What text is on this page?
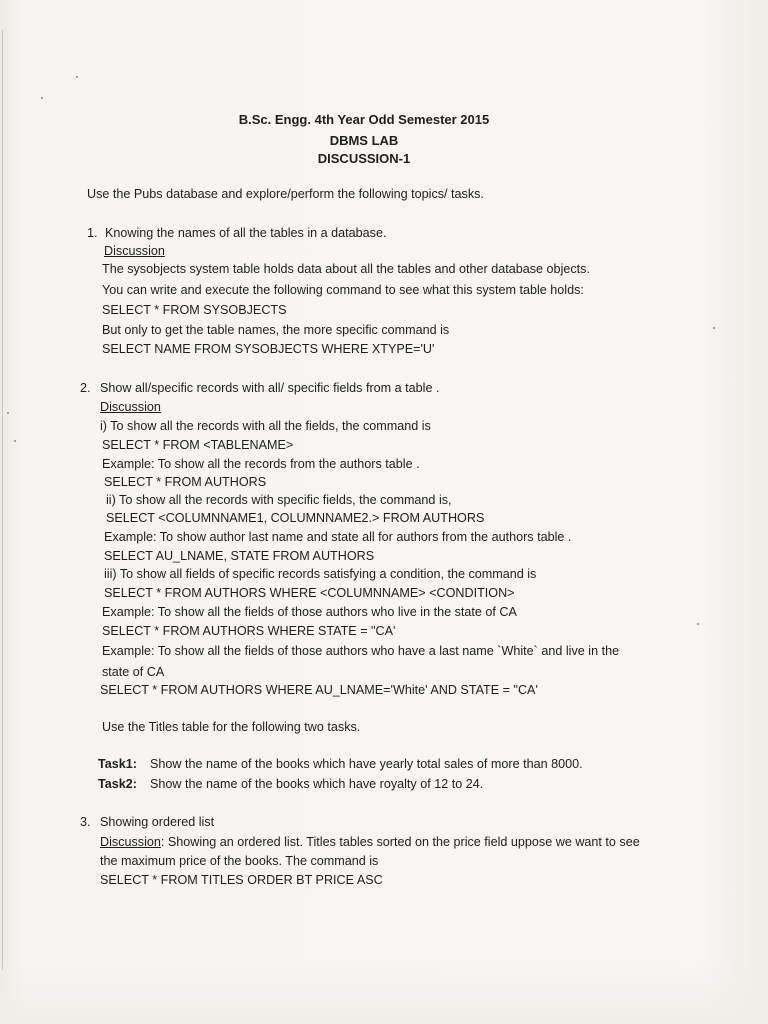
B.Sc. Engg. 4th Year Odd Semester 2015
DBMS LAB
DISCUSSION-1
Use the Pubs database and explore/perform the following topics/ tasks.
1. Knowing the names of all the tables in a database.
Discussion
The sysobjects system table holds data about all the tables and other database objects.
You can write and execute the following command to see what this system table holds:
SELECT * FROM SYSOBJECTS
But only to get the table names, the more specific command is
SELECT NAME FROM SYSOBJECTS WHERE XTYPE='U'
2. Show all/specific records with all/ specific fields from a table .
Discussion
i) To show all the records with all the fields, the command is
SELECT * FROM <TABLENAME>
Example: To show all the records from the authors table .
SELECT * FROM AUTHORS
ii) To show all the records with specific fields, the command is,
SELECT <COLUMNNAME1, COLUMNNAME2.> FROM AUTHORS
Example: To show author last name and state all for authors from the authors table .
SELECT AU_LNAME, STATE FROM AUTHORS
iii) To show all fields of specific records satisfying a condition, the command is
SELECT * FROM AUTHORS WHERE <COLUMNNAME> <CONDITION>
Example: To show all the fields of those authors who live in the state of CA
SELECT * FROM AUTHORS WHERE STATE = "CA'
Example: To show all the fields of those authors who have a last name `White` and live in the
state of CA
SELECT * FROM AUTHORS WHERE AU_LNAME='White' AND STATE = "CA'
Use the Titles table for the following two tasks.
Task1: Show the name of the books which have yearly total sales of more than 8000.
Task2: Show the name of the books which have royalty of 12 to 24.
3. Showing ordered list
Discussion: Showing an ordered list. Titles tables sorted on the price field uppose we want to see
the maximum price of the books. The command is
SELECT * FROM TITLES ORDER BT PRICE ASC
